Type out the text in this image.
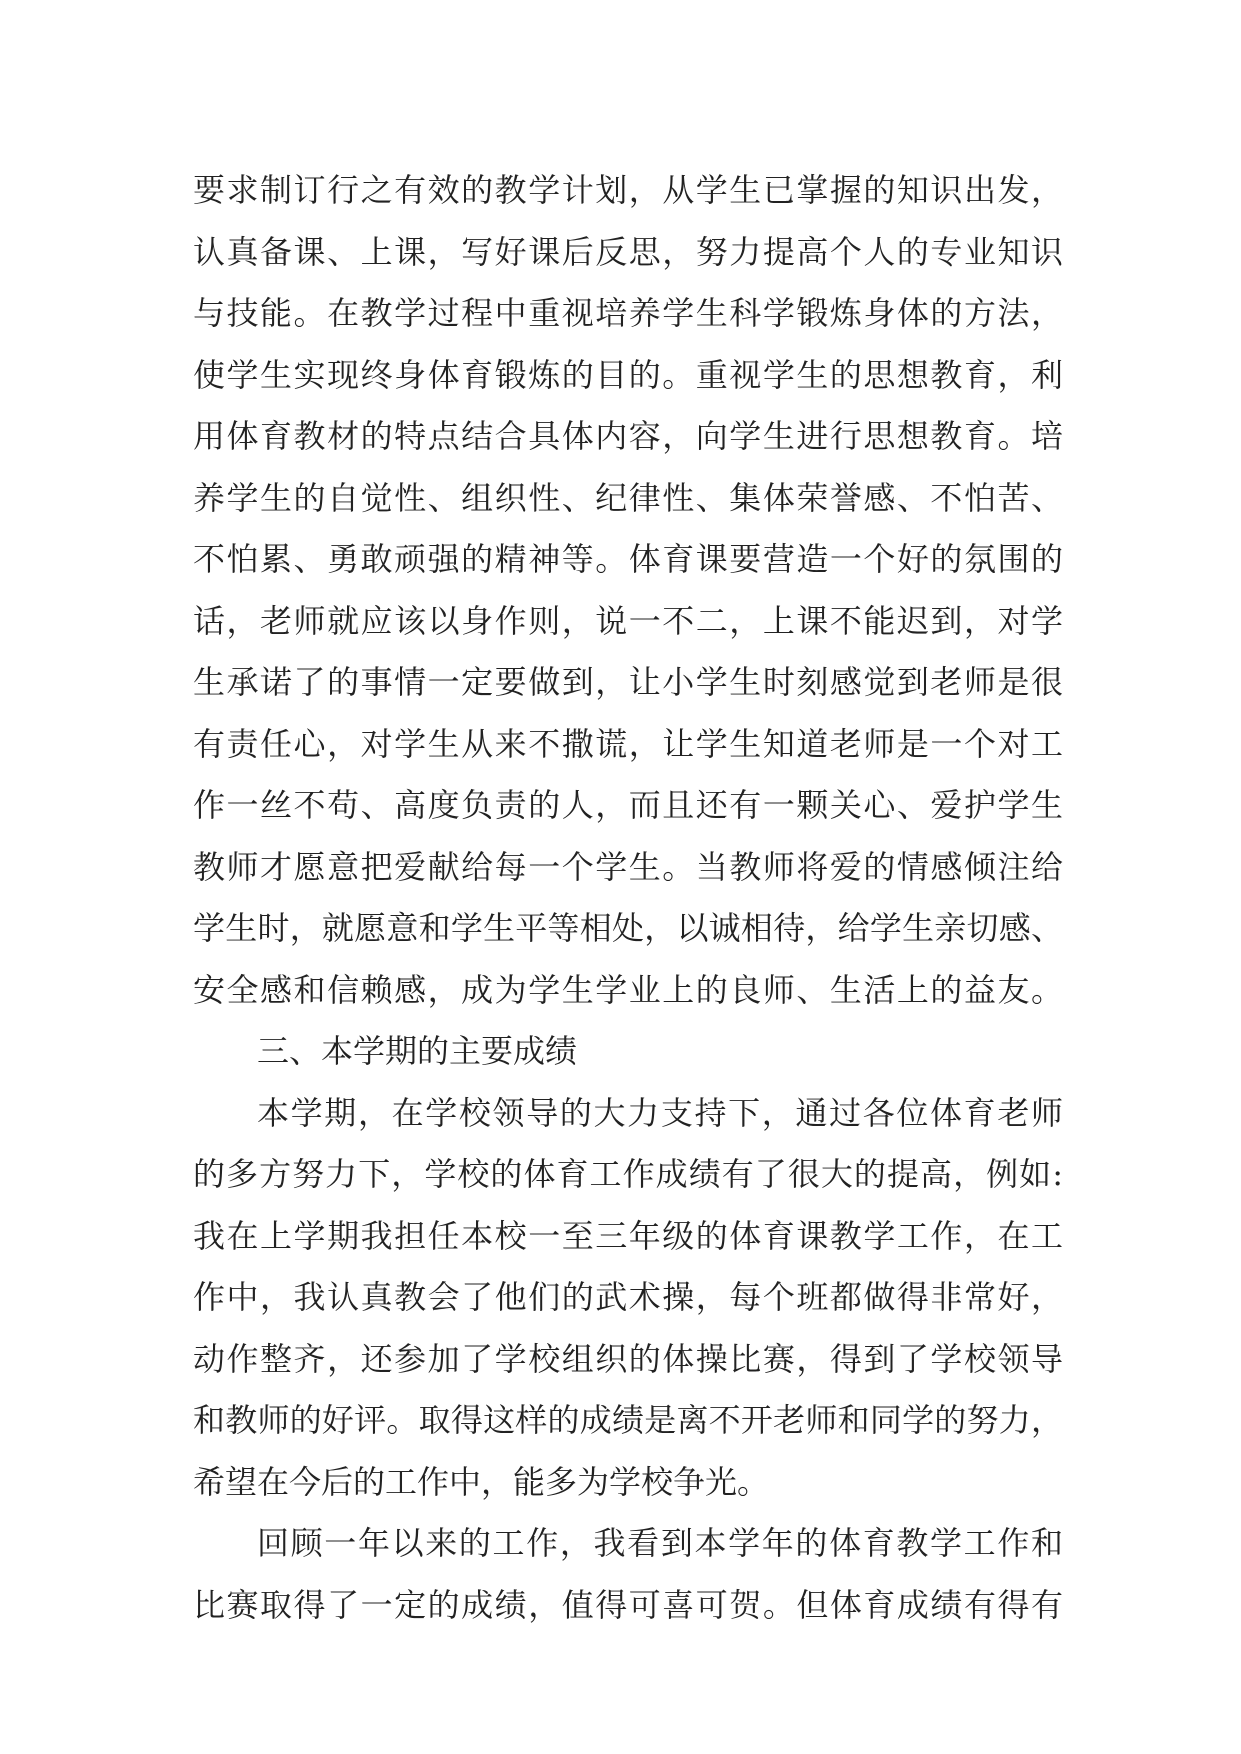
要求制订行之有效的教学计划，从学生已掌握的知识出发，
认真备课、上课，写好课后反思，努力提高个人的专业知识
与技能。在教学过程中重视培养学生科学锻炼身体的方法，
使学生实现终身体育锻炼的目的。重视学生的思想教育，利
用体育教材的特点结合具体内容，向学生进行思想教育。培
养学生的自觉性、组织性、纪律性、集体荣誉感、不怕苦、
不怕累、勇敢顽强的精神等。体育课要营造一个好的氛围的
话，老师就应该以身作则，说一不二，上课不能迟到，对学
生承诺了的事情一定要做到，让小学生时刻感觉到老师是很
有责任心，对学生从来不撒谎，让学生知道老师是一个对工
作一丝不苟、高度负责的人，而且还有一颗关心、爱护学生
教师才愿意把爱献给每一个学生。当教师将爱的情感倾注给
学生时，就愿意和学生平等相处，以诚相待，给学生亲切感、
安全感和信赖感，成为学生学业上的良师、生活上的益友。
三、本学期的主要成绩
本学期，在学校领导的大力支持下，通过各位体育老师
的多方努力下，学校的体育工作成绩有了很大的提高，例如:
我在上学期我担任本校一至三年级的体育课教学工作，在工
作中，我认真教会了他们的武术操，每个班都做得非常好，
动作整齐，还参加了学校组织的体操比赛，得到了学校领导
和教师的好评。取得这样的成绩是离不开老师和同学的努力，
希望在今后的工作中，能多为学校争光。
回顾一年以来的工作，我看到本学年的体育教学工作和
比赛取得了一定的成绩，值得可喜可贺。但体育成绩有得有
